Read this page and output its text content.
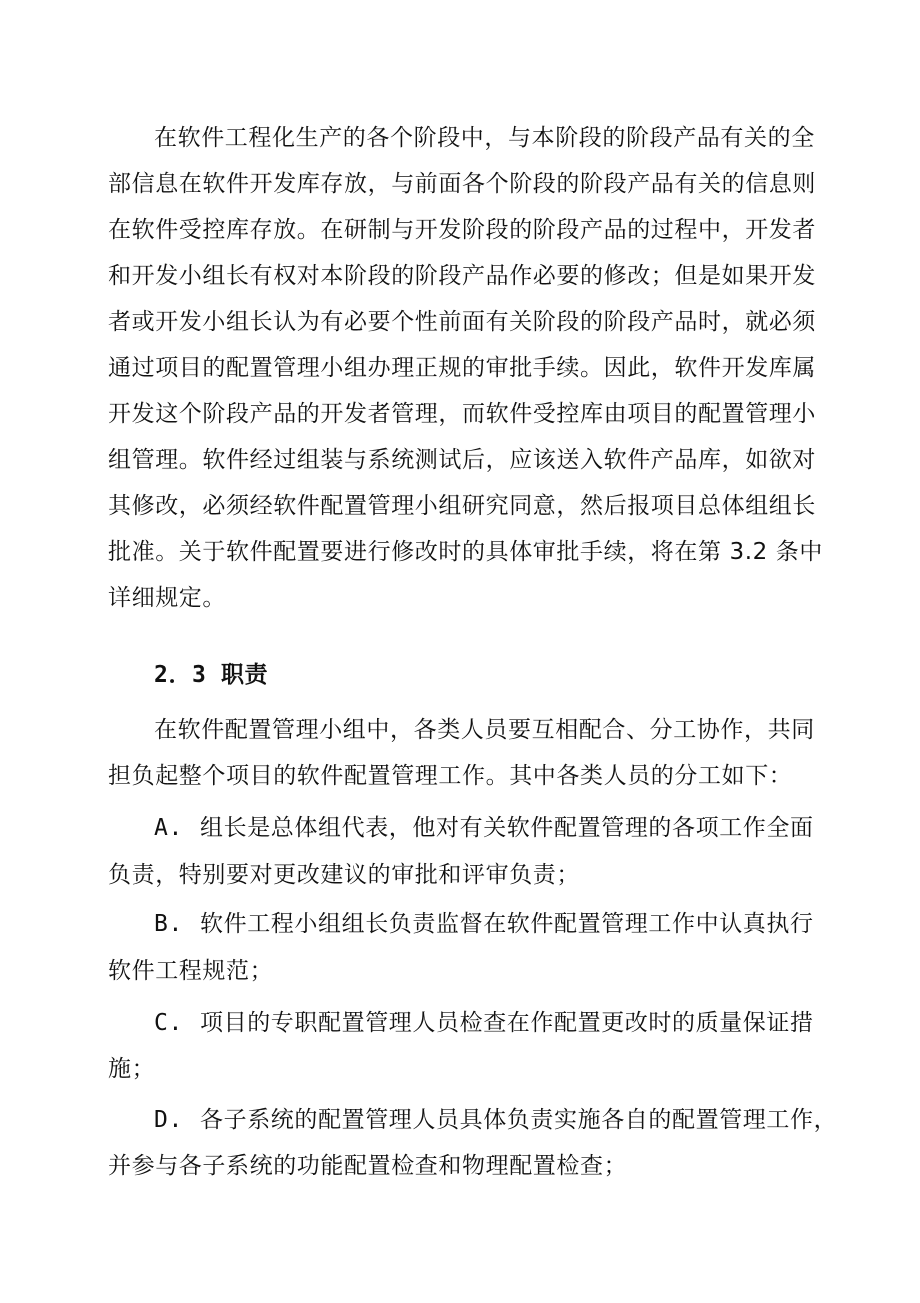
在软件工程化生产的各个阶段中，与本阶段的阶段产品有关的全
部信息在软件开发库存放，与前面各个阶段的阶段产品有关的信息则
在软件受控库存放。在研制与开发阶段的阶段产品的过程中，开发者
和开发小组长有权对本阶段的阶段产品作必要的修改；但是如果开发
者或开发小组长认为有必要个性前面有关阶段的阶段产品时，就必须
通过项目的配置管理小组办理正规的审批手续。因此，软件开发库属
开发这个阶段产品的开发者管理，而软件受控库由项目的配置管理小
组管理。软件经过组装与系统测试后，应该送入软件产品库，如欲对
其修改，必须经软件配置管理小组研究同意，然后报项目总体组组长
批准。关于软件配置要进行修改时的具体审批手续，将在第 3.2 条中
详细规定。
2．3 职责
在软件配置管理小组中，各类人员要互相配合、分工协作，共同
担负起整个项目的软件配置管理工作。其中各类人员的分工如下：
A. 组长是总体组代表，他对有关软件配置管理的各项工作全面
负责，特别要对更改建议的审批和评审负责；
B. 软件工程小组组长负责监督在软件配置管理工作中认真执行
软件工程规范；
C. 项目的专职配置管理人员检查在作配置更改时的质量保证措
施；
D. 各子系统的配置管理人员具体负责实施各自的配置管理工作，
并参与各子系统的功能配置检查和物理配置检查；
